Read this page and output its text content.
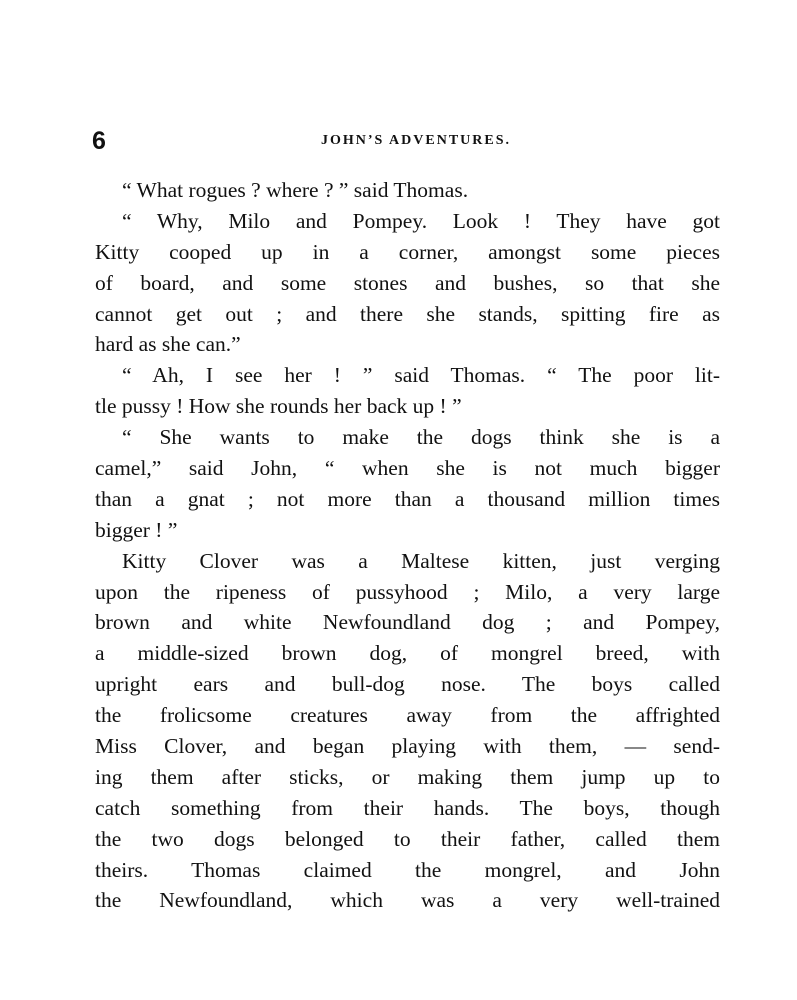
6	JOHN’S ADVENTURES.
“ What rogues ? where ? ” said Thomas.
“ Why, Milo and Pompey. Look ! They have got
Kitty cooped up in a corner, amongst some pieces
of board, and some stones and bushes, so that she
cannot get out ; and there she stands, spitting fire as
hard as she can.”
“ Ah, I see her ! ” said Thomas. “ The poor lit-
tle pussy ! How she rounds her back up ! ”
“ She wants to make the dogs think she is a
camel,” said John, “ when she is not much bigger
than a gnat ; not more than a thousand million times
bigger ! ”
Kitty Clover was a Maltese kitten, just verging
upon the ripeness of pussyhood ; Milo, a very large
brown and white Newfoundland dog ; and Pompey,
a middle-sized brown dog, of mongrel breed, with
upright ears and bull-dog nose. The boys called
the frolicsome creatures away from the affrighted
Miss Clover, and began playing with them, — send-
ing them after sticks, or making them jump up to
catch something from their hands. The boys, though
the two dogs belonged to their father, called them
theirs. Thomas claimed the mongrel, and John
the Newfoundland, which was a very well-trained
